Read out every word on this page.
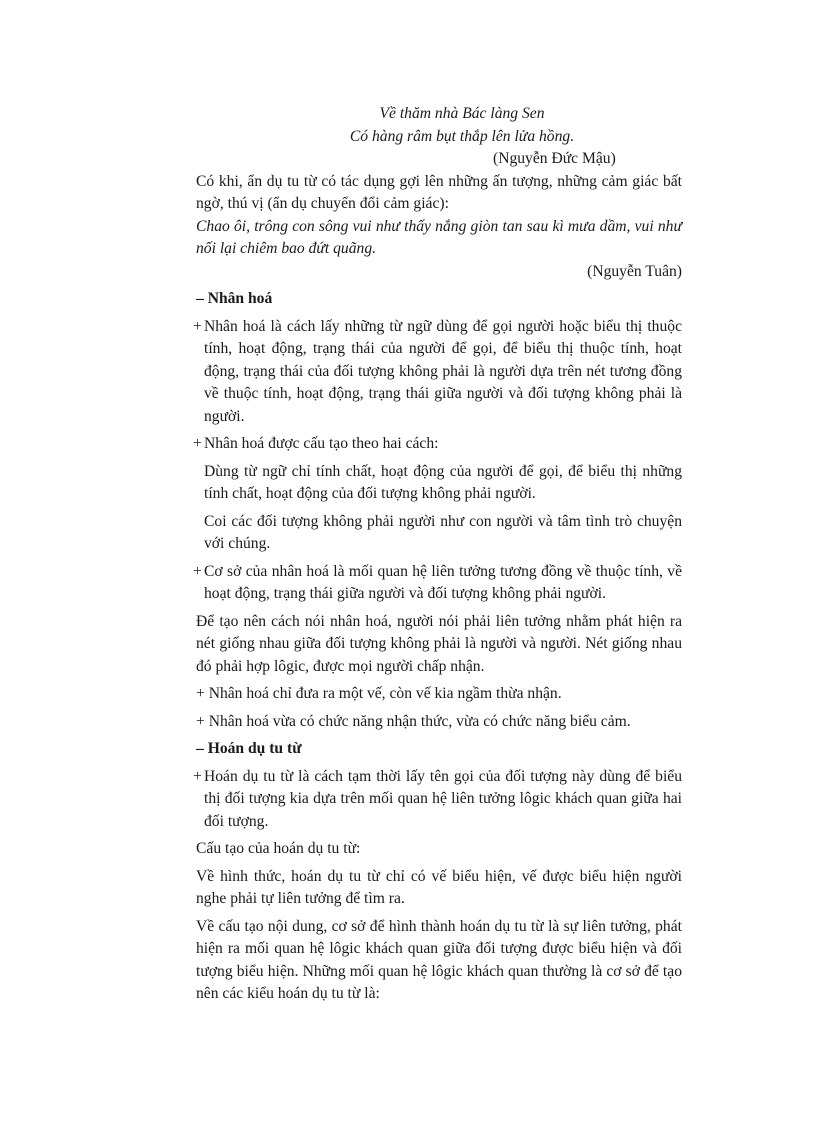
Về thăm nhà Bác làng Sen

Có hàng râm bụt thắp lên lửa hồng.

(Nguyễn Đức Mậu)

Có khi, ẩn dụ tu từ có tác dụng gợi lên những ấn tượng, những cảm giác bất ngờ, thú vị (ẩn dụ chuyển đổi cảm giác):

Chao ôi, trông con sông vui như thấy nắng giòn tan sau kì mưa dầm, vui như nối lại chiêm bao đứt quãng.

(Nguyễn Tuân)

– Nhân hoá

+ Nhân hoá là cách lấy những từ ngữ dùng để gọi người hoặc biểu thị thuộc tính, hoạt động, trạng thái của người để gọi, để biểu thị thuộc tính, hoạt động, trạng thái của đối tượng không phải là người dựa trên nét tương đồng về thuộc tính, hoạt động, trạng thái giữa người và đối tượng không phải là người.
+ Nhân hoá được cấu tạo theo hai cách:

Dùng từ ngữ chỉ tính chất, hoạt động của người để gọi, để biểu thị những tính chất, hoạt động của đối tượng không phải người.

Coi các đối tượng không phải người như con người và tâm tình trò chuyện với chúng.

+ Cơ sở của nhân hoá là mối quan hệ liên tưởng tương đồng về thuộc tính, về hoạt động, trạng thái giữa người và đối tượng không phải người.

Để tạo nên cách nói nhân hoá, người nói phải liên tưởng nhằm phát hiện ra nét giống nhau giữa đối tượng không phải là người và người. Nét giống nhau đó phải hợp lôgic, được mọi người chấp nhận.

+ Nhân hoá chỉ đưa ra một vế, còn vế kia ngầm thừa nhận.

+ Nhân hoá vừa có chức năng nhận thức, vừa có chức năng biểu cảm.

– Hoán dụ tu từ

+ Hoán dụ tu từ là cách tạm thời lấy tên gọi của đối tượng này dùng để biểu thị đối tượng kia dựa trên mối quan hệ liên tưởng lôgic khách quan giữa hai đối tượng.

Cấu tạo của hoán dụ tu từ:

Về hình thức, hoán dụ tu từ chỉ có vế biểu hiện, vế được biểu hiện người nghe phải tự liên tưởng để tìm ra.

Về cấu tạo nội dung, cơ sở để hình thành hoán dụ tu từ là sự liên tưởng, phát hiện ra mối quan hệ lôgic khách quan giữa đối tượng được biểu hiện và đối tượng biểu hiện. Những mối quan hệ lôgic khách quan thường là cơ sở để tạo nên các kiểu hoán dụ tu từ là:
